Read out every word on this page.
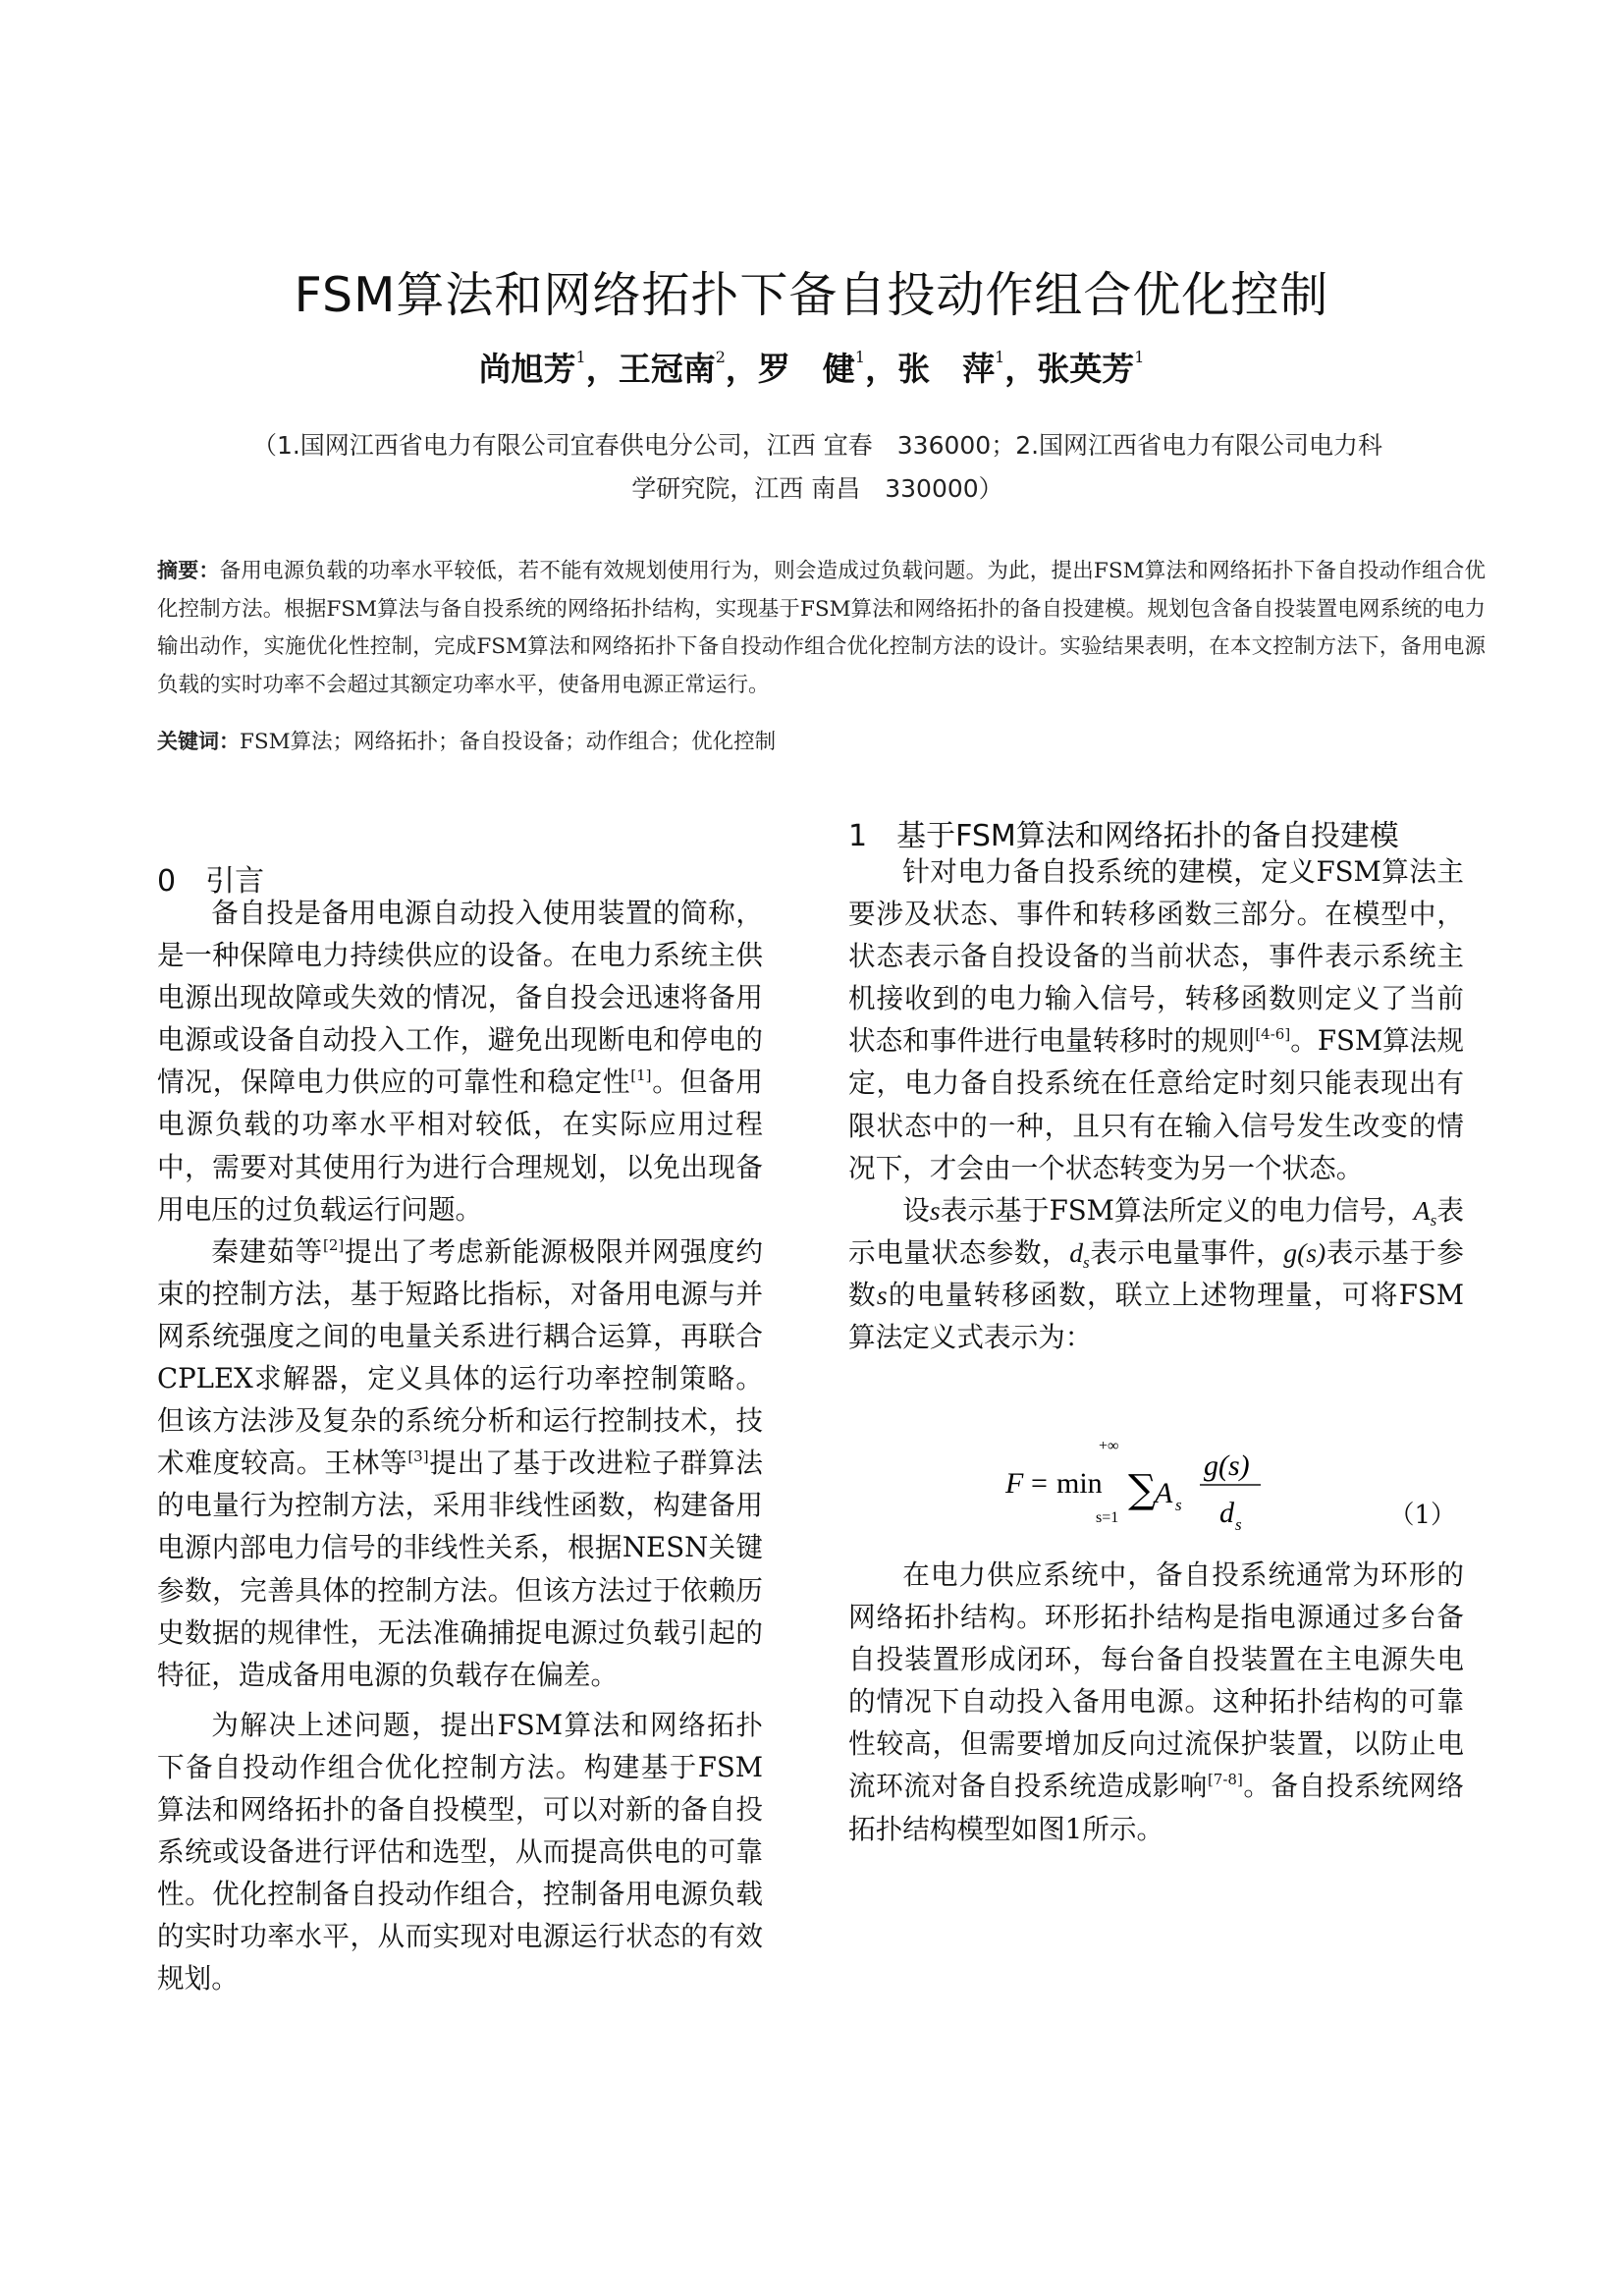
FSM算法和网络拓扑下备自投动作组合优化控制
尚旭芳$^1$，王冠南$^2$，罗　健$^1$，张　萍$^1$，张英芳$^1$
（1.国网江西省电力有限公司宜春供电分公司，江西 宜春　336000；2.国网江西省电力有限公司电力科
学研究院，江西 南昌　330000）
摘要：备用电源负载的功率水平较低，若不能有效规划使用行为，则会造成过负载问题。为此，提出FSM算法和网络拓扑下备自投动作组合优化控制方法。根据FSM算法与备自投系统的网络拓扑结构，实现基于FSM算法和网络拓扑的备自投建模。规划包含备自投装置电网系统的电力输出动作，实施优化性控制，完成FSM算法和网络拓扑下备自投动作组合优化控制方法的设计。实验结果表明，在本文控制方法下，备用电源负载的实时功率不会超过其额定功率水平，使备用电源正常运行。
关键词：FSM算法；网络拓扑；备自投设备；动作组合；优化控制
0　引言

备自投是备用电源自动投入使用装置的简称，是一种保障电力持续供应的设备。在电力系统主供电源出现故障或失效的情况，备自投会迅速将备用电源或设备自动投入工作，避免出现断电和停电的情况，保障电力供应的可靠性和稳定性[1]。但备用电源负载的功率水平相对较低，在实际应用过程中，需要对其使用行为进行合理规划，以免出现备用电压的过负载运行问题。

秦建茹等[2]提出了考虑新能源极限并网强度约束的控制方法，基于短路比指标，对备用电源与并网系统强度之间的电量关系进行耦合运算，再联合CPLEX求解器，定义具体的运行功率控制策略。但该方法涉及复杂的系统分析和运行控制技术，技术难度较高。王林等[3]提出了基于改进粒子群算法的电量行为控制方法，采用非线性函数，构建备用电源内部电力信号的非线性关系，根据NESN关键参数，完善具体的控制方法。但该方法过于依赖历史数据的规律性，无法准确捕捉电源过负载引起的特征，造成备用电源的负载存在偏差。

为解决上述问题，提出FSM算法和网络拓扑下备自投动作组合优化控制方法。构建基于FSM算法和网络拓扑的备自投模型，可以对新的备自投系统或设备进行评估和选型，从而提高供电的可靠性。优化控制备自投动作组合，控制备用电源负载的实时功率水平，从而实现对电源运行状态的有效规划。

1　基于FSM算法和网络拓扑的备自投建模

针对电力备自投系统的建模，定义FSM算法主要涉及状态、事件和转移函数三部分。在模型中，状态表示备自投设备的当前状态，事件表示系统主机接收到的电力输入信号，转移函数则定义了当前状态和事件进行电量转移时的规则[4-6]。FSM算法规定，电力备自投系统在任意给定时刻只能表现出有限状态中的一种，且只有在输入信号发生改变的情况下，才会由一个状态转变为另一个状态。

设s表示基于FSM算法所定义的电力信号，$A_s$表示电量状态参数，$d_s$表示电量事件，g(s)表示基于参数s的电量转移函数，联立上述物理量，可将FSM算法定义式表示为：

F = min
+∞
∑
s=1
A s
g(s)
d s	（1）

在电力供应系统中，备自投系统通常为环形的网络拓扑结构。环形拓扑结构是指电源通过多台备自投装置形成闭环，每台备自投装置在主电源失电的情况下自动投入备用电源。这种拓扑结构的可靠性较高，但需要增加反向过流保护装置，以防止电流环流对备自投系统造成影响[7-8]。备自投系统网络拓扑结构模型如图1所示。
